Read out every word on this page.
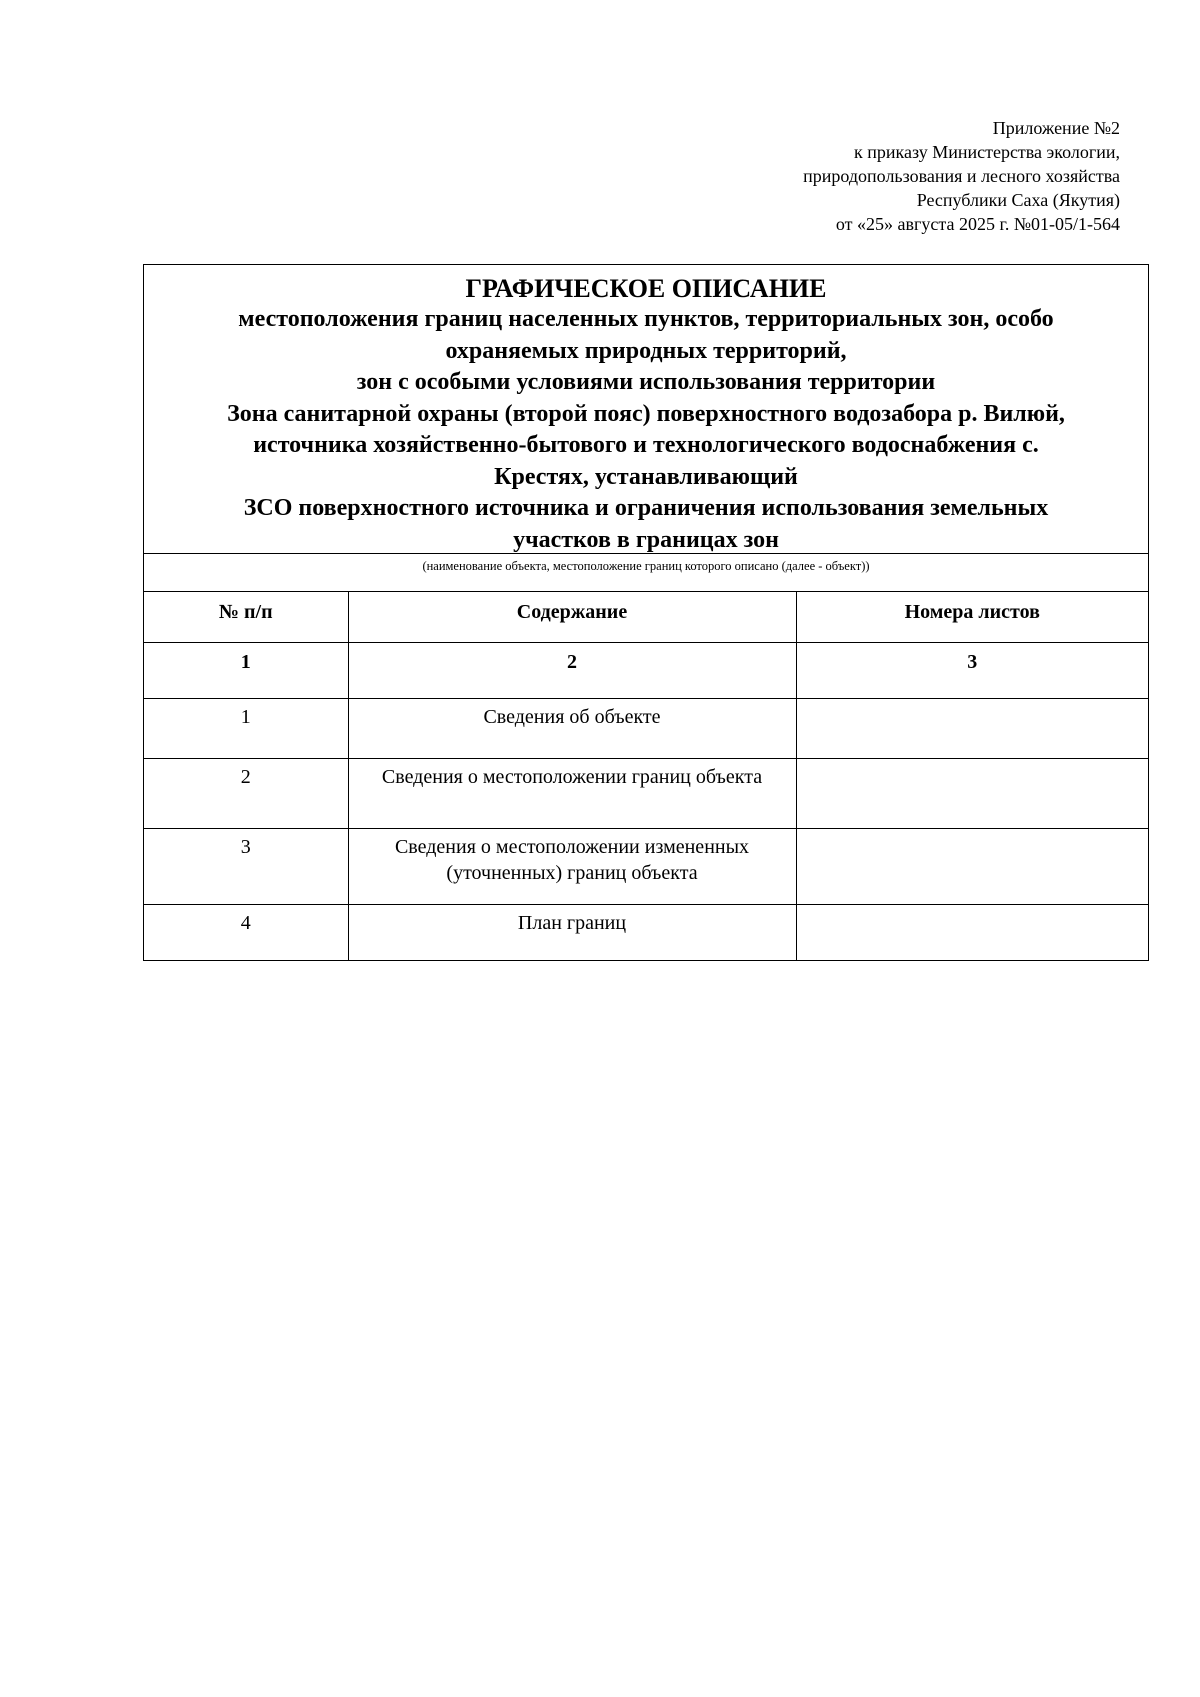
Приложение №2
к приказу Министерства экологии,
природопользования и лесного хозяйства
Республики Саха (Якутия)
от «25» августа 2025 г. №01-05/1-564
ГРАФИЧЕСКОЕ ОПИСАНИЕ
местоположения границ населенных пунктов, территориальных зон, особо
охраняемых природных территорий,
зон с особыми условиями использования территории
Зона санитарной охраны (второй пояс) поверхностного водозабора р. Вилюй,
источника хозяйственно-бытового и технологического водоснабжения с.
Крестях, устанавливающий
ЗСО поверхностного источника и ограничения использования земельных
участков в границах зон
(наименование объекта, местоположение границ которого описано (далее - объект))
№ п/п	Содержание	Номера листов
1	2	3
1	Сведения об объекте	
2	Сведения о местоположении границ объекта	
3	Сведения о местоположении измененных (уточненных) границ объекта	
4	План границ	
